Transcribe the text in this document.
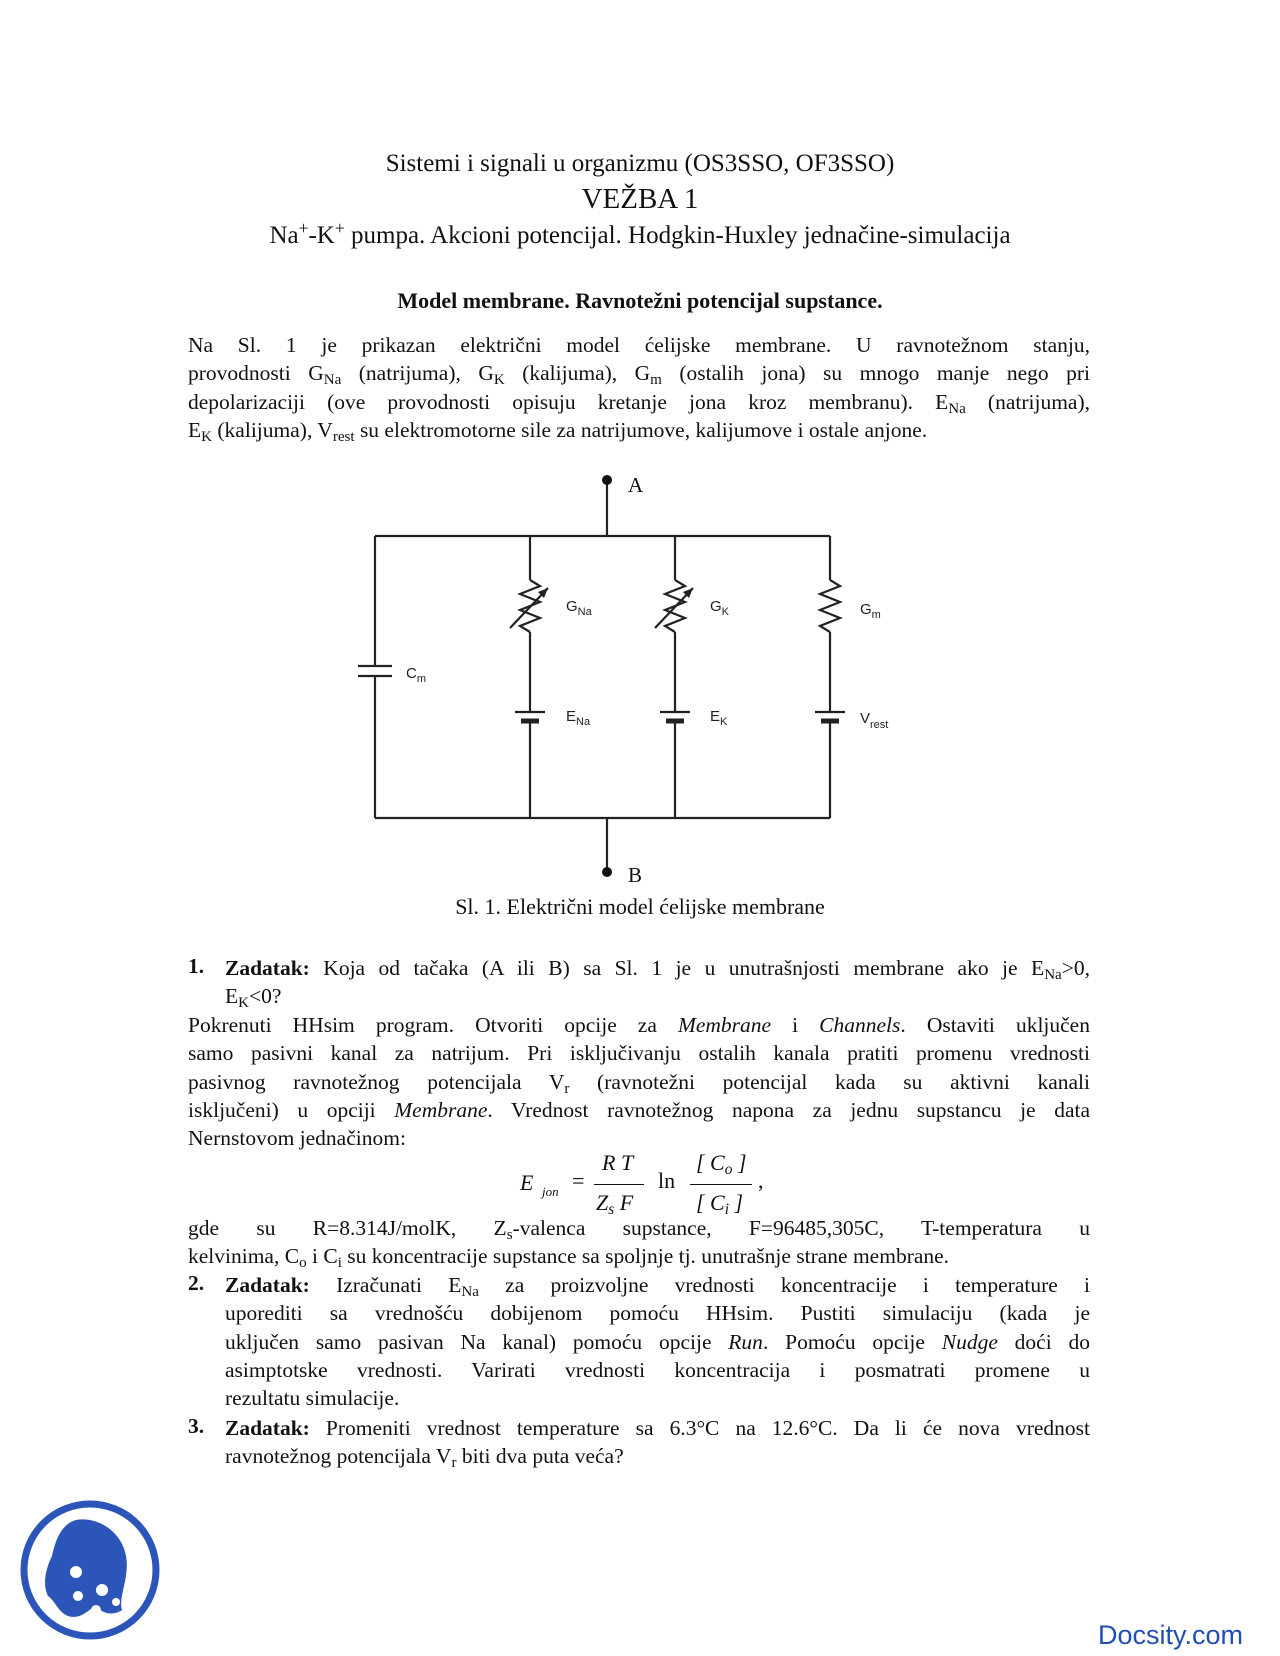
Sistemi i signali u organizmu (OS3SSO, OF3SSO)
VEŽBA 1
Na+-K+ pumpa. Akcioni potencijal. Hodgkin-Huxley jednačine-simulacija
Model membrane. Ravnotežni potencijal supstance.
Na Sl. 1 je prikazan električni model ćelijske membrane. U ravnotežnom stanju,
provodnosti $G_{Na}$ (natrijuma), $G_K$ (kalijuma), $G_m$ (ostalih jona) su mnogo manje nego pri
depolarizaciji (ove provodnosti opisuju kretanje jona kroz membranu). $E_{Na}$ (natrijuma),
$E_K$ (kalijuma), $V_{rest}$ su elektromotorne sile za natrijumove, kalijumove i ostale anjone.
A
B
$C_m$
$G_{Na}$	$G_K$	$G_m$
$E_{Na}$	$E_K$	$V_{rest}$
Sl. 1. Električni model ćelijske membrane
1. Zadatak: Koja od tačaka (A ili B) sa Sl. 1 je u unutrašnjosti membrane ako je $E_{Na}>0$,
$E_K<0$?
Pokrenuti HHsim program. Otvoriti opcije za Membrane i Channels. Ostaviti uključen
samo pasivni kanal za natrijum. Pri isključivanju ostalih kanala pratiti promenu vrednosti
pasivnog ravnotežnog potencijala $V_r$ (ravnotežni potencijal kada su aktivni kanali
isključeni) u opciji Membrane. Vrednost ravnotežnog napona za jednu supstancu je data
Nernstovom jednačinom:
E jon =
R T
$Z_s$ F
ln
[ $C_o$ ]
[ $C_i$ ]
,
gde su R=8.314J/molK, $Z_s$-valenca supstance, F=96485,305C, T-temperatura u
kelvinima, $C_o$ i $C_i$ su koncentracije supstance sa spoljnje tj. unutrašnje strane membrane.
2. Zadatak: Izračunati $E_{Na}$ za proizvoljne vrednosti koncentracije i temperature i
uporediti sa vrednošću dobijenom pomoću HHsim. Pustiti simulaciju (kada je
uključen samo pasivan Na kanal) pomoću opcije Run. Pomoću opcije Nudge doći do
asimptotske vrednosti. Varirati vrednosti koncentracija i posmatrati promene u
rezultatu simulacije.
3. Zadatak: Promeniti vrednost temperature sa 6.3°C na 12.6°C. Da li će nova vrednost
ravnotežnog potencijala $V_r$ biti dva puta veća?
Docsity.com
